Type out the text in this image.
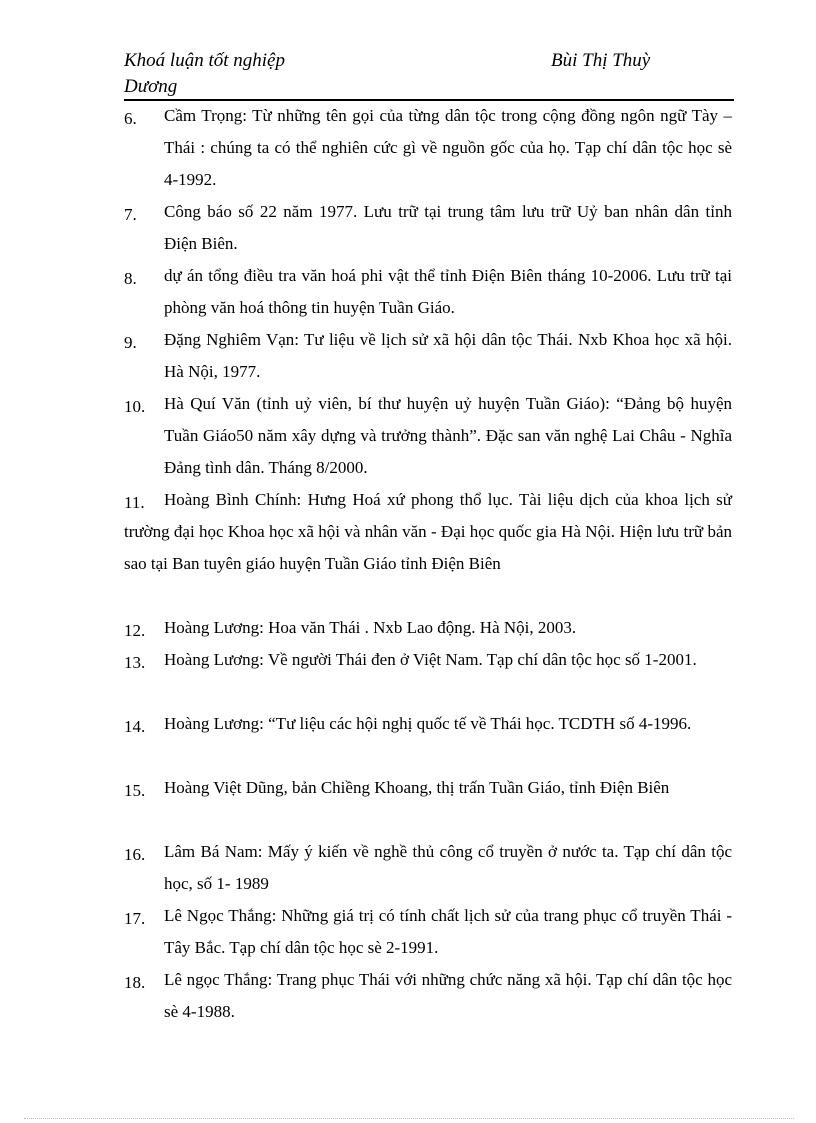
Khoá luận tốt nghiệp	Bùi Thị Thuỳ
Dương
6.	Cầm Trọng: Từ những tên gọi của từng dân tộc trong cộng đồng ngôn ngữ Tày – Thái : chúng ta có thể nghiên cức gì về nguồn gốc của họ. Tạp chí dân tộc học sè 4-1992.
7.	Công báo số 22 năm 1977. Lưu trữ tại trung tâm lưu trữ Uỷ ban nhân dân tỉnh Điện Biên.
8.	dự án tổng điều tra văn hoá phi vật thể tỉnh Điện Biên tháng 10-2006. Lưu trữ tại phòng văn hoá thông tin huyện Tuần Giáo.
9.	Đặng Nghiêm Vạn: Tư liệu về lịch sử xã hội dân tộc Thái. Nxb Khoa học xã hội. Hà Nội, 1977.
10.	Hà Quí Văn (tỉnh uỷ viên, bí thư huyện uỷ huyện Tuần Giáo): “Đảng bộ huyện Tuần Giáo50 năm xây dựng và trưởng thành”. Đặc san văn nghệ Lai Châu - Nghĩa Đảng tình dân. Tháng 8/2000.
11.	Hoàng Bình Chính: Hưng Hoá xứ phong thổ lục. Tài liệu dịch của khoa lịch sử trường đại học Khoa học xã hội và nhân văn - Đại học quốc gia Hà Nội. Hiện lưu trữ bản sao tại Ban tuyên giáo huyện Tuần Giáo tỉnh Điện Biên
12.	Hoàng Lương: Hoa văn Thái . Nxb Lao động. Hà Nội, 2003.
13.	Hoàng Lương: Về người Thái đen ở Việt Nam. Tạp chí dân tộc học số 1-2001.
14.	Hoàng Lương: “Tư liệu các hội nghị quốc tế về Thái học. TCDTH số 4-1996.
15.	Hoàng Việt Dũng, bản Chiềng Khoang, thị trấn Tuần Giáo, tỉnh Điện Biên
16.	Lâm Bá Nam: Mấy ý kiến về nghề thủ công cổ truyền ở nước ta. Tạp chí dân tộc học, số 1- 1989
17.	Lê Ngọc Thắng: Những giá trị có tính chất lịch sử của trang phục cổ truyền Thái - Tây Bắc. Tạp chí dân tộc học sè 2-1991.
18.	Lê ngọc Thắng: Trang phục Thái với những chức năng xã hội. Tạp chí dân tộc học sè 4-1988.
